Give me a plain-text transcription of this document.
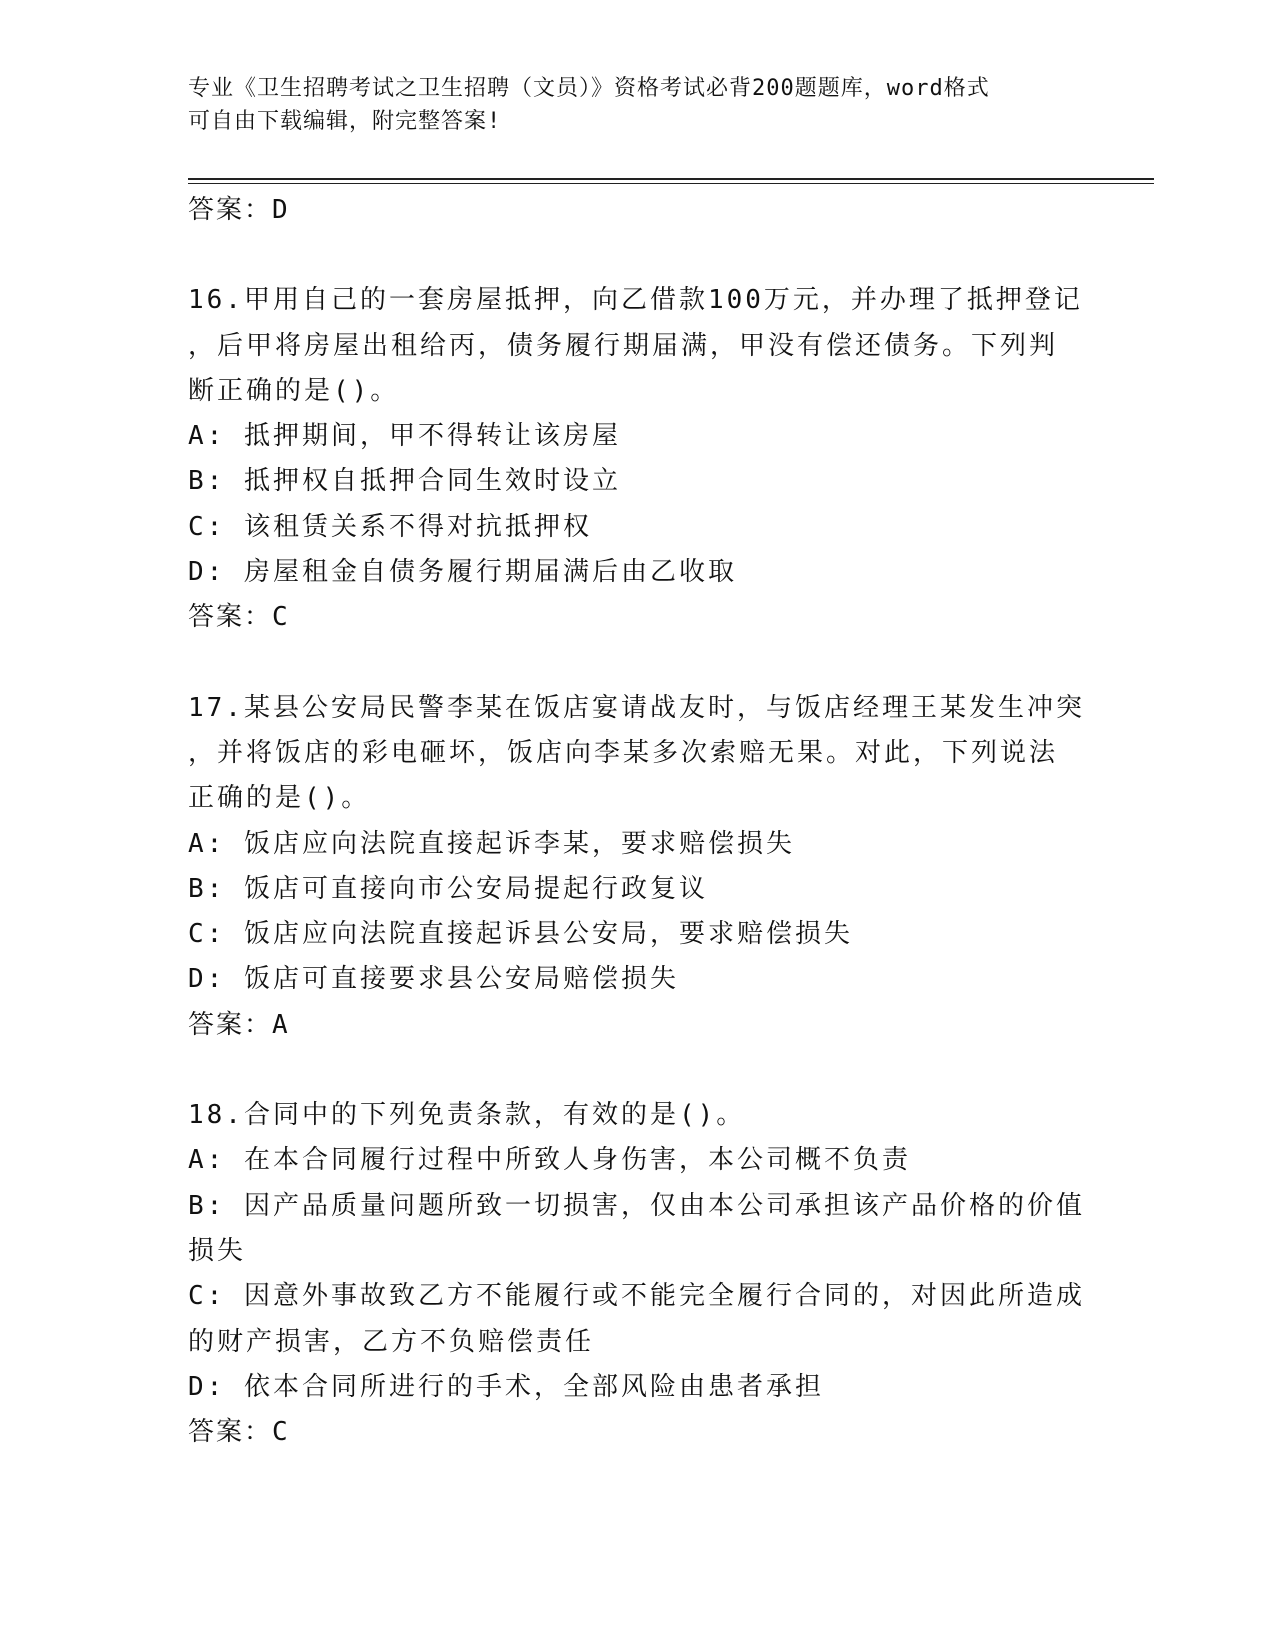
专业《卫生招聘考试之卫生招聘（文员）》资格考试必背200题题库，word格式
可自由下载编辑，附完整答案!
答案：D
16.甲用自己的一套房屋抵押，向乙借款100万元，并办理了抵押登记
，后甲将房屋出租给丙，债务履行期届满，甲没有偿还债务。下列判
断正确的是()。
A: 抵押期间，甲不得转让该房屋
B: 抵押权自抵押合同生效时设立
C: 该租赁关系不得对抗抵押权
D: 房屋租金自债务履行期届满后由乙收取
答案：C
17.某县公安局民警李某在饭店宴请战友时，与饭店经理王某发生冲突
，并将饭店的彩电砸坏，饭店向李某多次索赔无果。对此，下列说法
正确的是()。
A: 饭店应向法院直接起诉李某，要求赔偿损失
B: 饭店可直接向市公安局提起行政复议
C: 饭店应向法院直接起诉县公安局，要求赔偿损失
D: 饭店可直接要求县公安局赔偿损失
答案：A
18.合同中的下列免责条款，有效的是()。
A: 在本合同履行过程中所致人身伤害，本公司概不负责
B: 因产品质量问题所致一切损害，仅由本公司承担该产品价格的价值
损失
C: 因意外事故致乙方不能履行或不能完全履行合同的，对因此所造成
的财产损害，乙方不负赔偿责任
D: 依本合同所进行的手术，全部风险由患者承担
答案：C
